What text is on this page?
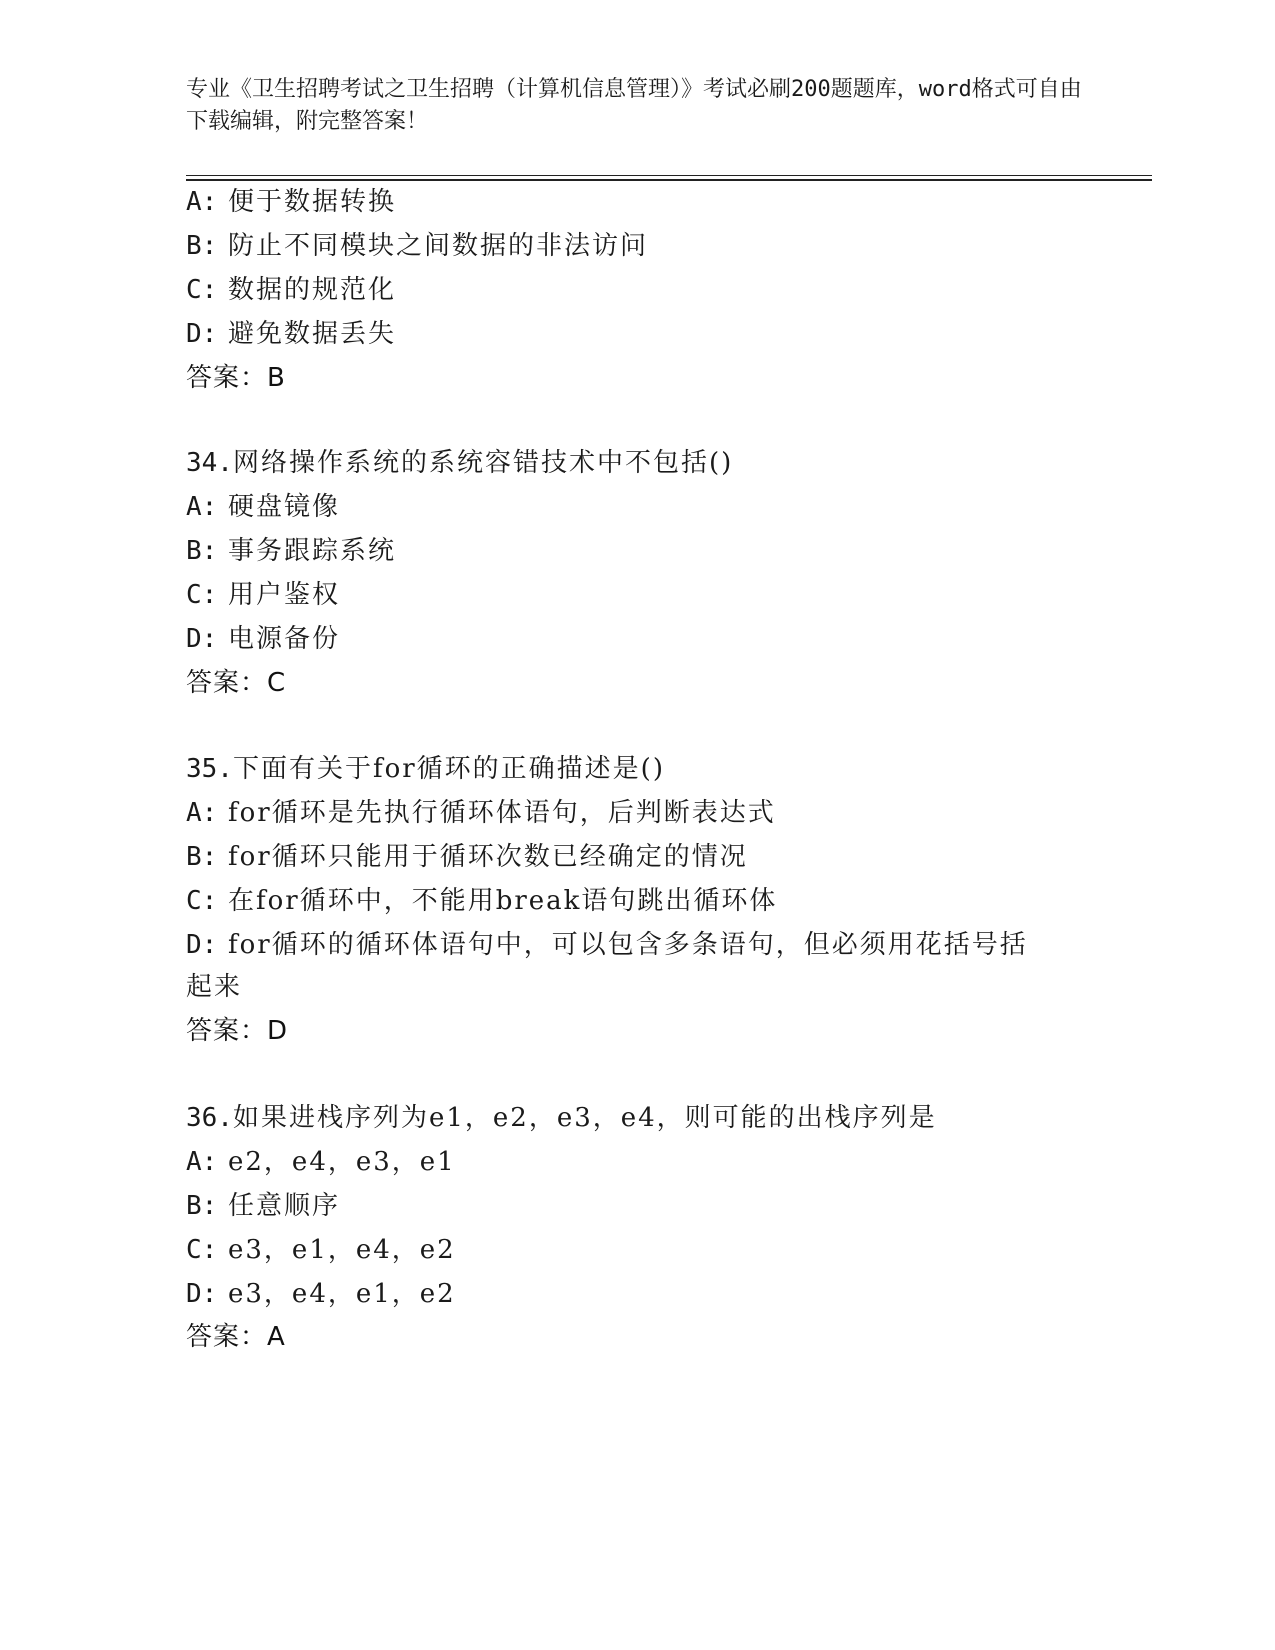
专业《卫生招聘考试之卫生招聘（计算机信息管理）》考试必刷200题题库，word格式可自由下载编辑，附完整答案！
A: 便于数据转换
B: 防止不同模块之间数据的非法访问
C: 数据的规范化
D: 避免数据丢失
答案：B
34.网络操作系统的系统容错技术中不包括()
A: 硬盘镜像
B: 事务跟踪系统
C: 用户鉴权
D: 电源备份
答案：C
35.下面有关于for循环的正确描述是()
A: for循环是先执行循环体语句，后判断表达式
B: for循环只能用于循环次数已经确定的情况
C: 在for循环中，不能用break语句跳出循环体
D: for循环的循环体语句中，可以包含多条语句，但必须用花括号括
起来
答案：D
36.如果进栈序列为e1，e2，e3，e4，则可能的出栈序列是
A: e2，e4，e3，e1
B: 任意顺序
C: e3，e1，e4，e2
D: e3，e4，e1，e2
答案：A
